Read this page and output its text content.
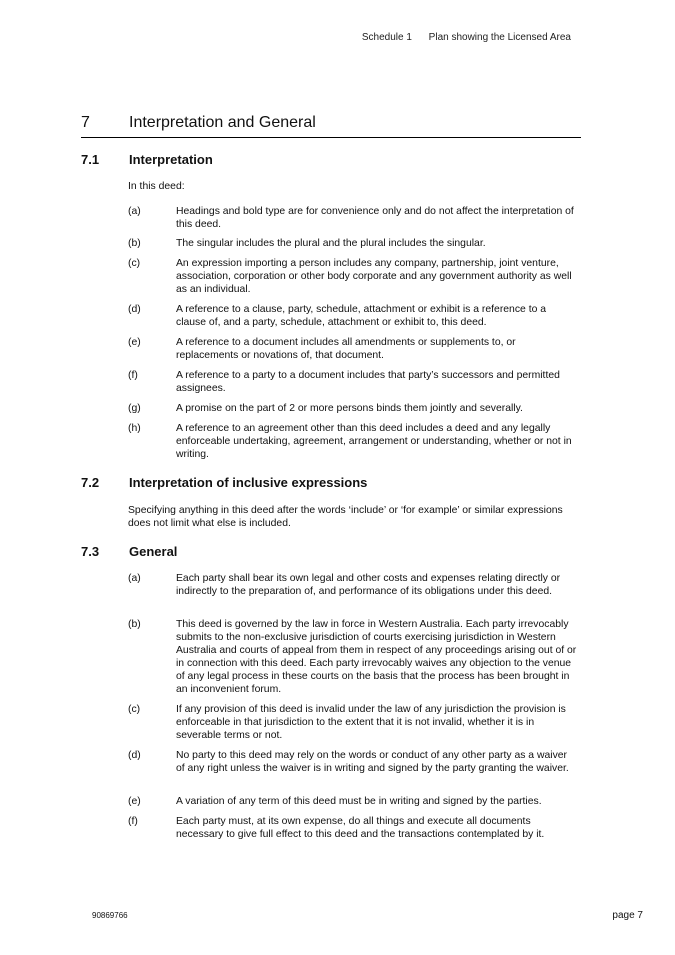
Schedule 1 Plan showing the Licensed Area
7	Interpretation and General
7.1	Interpretation
In this deed:
(a)	Headings and bold type are for convenience only and do not affect the interpretation of this deed.
(b)	The singular includes the plural and the plural includes the singular.
(c)	An expression importing a person includes any company, partnership, joint venture, association, corporation or other body corporate and any government authority as well as an individual.
(d)	A reference to a clause, party, schedule, attachment or exhibit is a reference to a clause of, and a party, schedule, attachment or exhibit to, this deed.
(e)	A reference to a document includes all amendments or supplements to, or replacements or novations of, that document.
(f)	A reference to a party to a document includes that party’s successors and permitted assignees.
(g)	A promise on the part of 2 or more persons binds them jointly and severally.
(h)	A reference to an agreement other than this deed includes a deed and any legally enforceable undertaking, agreement, arrangement or understanding, whether or not in writing.
7.2	Interpretation of inclusive expressions
Specifying anything in this deed after the words ‘include’ or ‘for example’ or similar expressions does not limit what else is included.
7.3	General
(a)	Each party shall bear its own legal and other costs and expenses relating directly or indirectly to the preparation of, and performance of its obligations under this deed.
(b)	This deed is governed by the law in force in Western Australia. Each party irrevocably submits to the non-exclusive jurisdiction of courts exercising jurisdiction in Western Australia and courts of appeal from them in respect of any proceedings arising out of or in connection with this deed. Each party irrevocably waives any objection to the venue of any legal process in these courts on the basis that the process has been brought in an inconvenient forum.
(c)	If any provision of this deed is invalid under the law of any jurisdiction the provision is enforceable in that jurisdiction to the extent that it is not invalid, whether it is in severable terms or not.
(d)	No party to this deed may rely on the words or conduct of any other party as a waiver of any right unless the waiver is in writing and signed by the party granting the waiver.
(e)	A variation of any term of this deed must be in writing and signed by the parties.
(f)	Each party must, at its own expense, do all things and execute all documents necessary to give full effect to this deed and the transactions contemplated by it.
90869766	page 7
